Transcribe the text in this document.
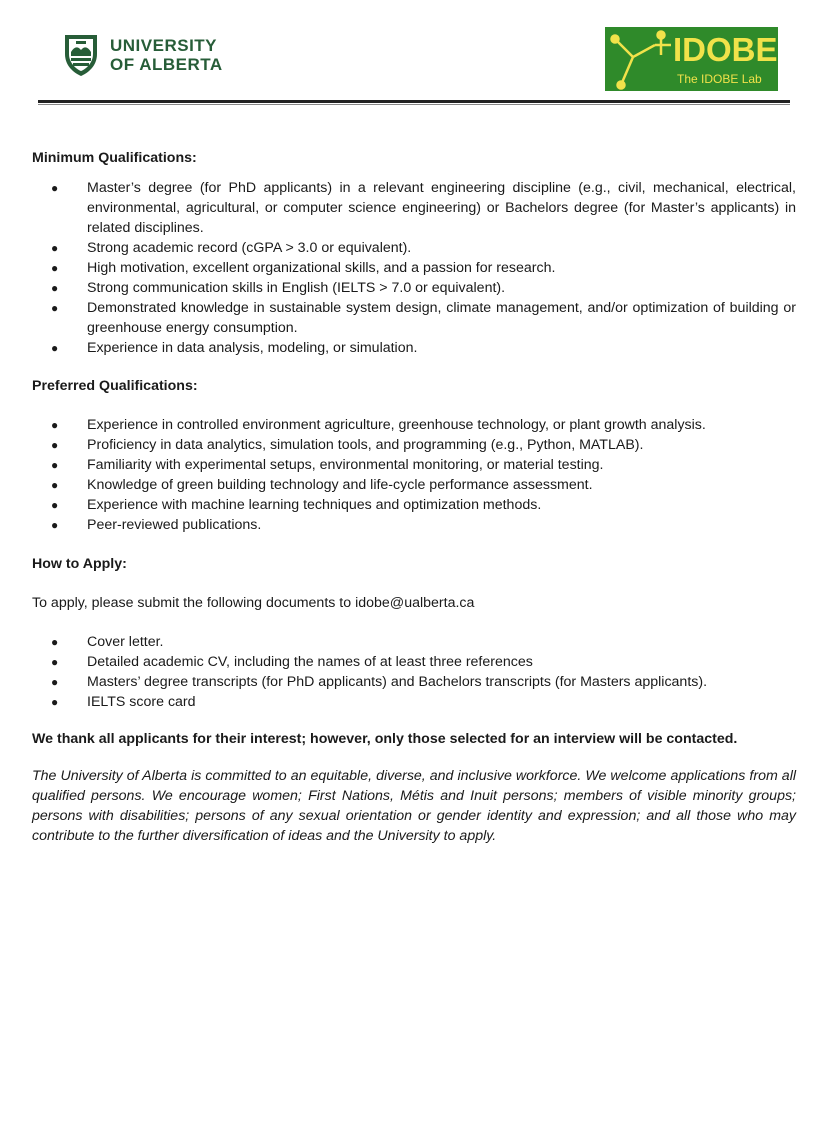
UNIVERSITY
OF ALBERTA	IDOBE
The IDOBE Lab

Minimum Qualifications:

● Master’s degree (for PhD applicants) in a relevant engineering discipline (e.g., civil, mechanical, electrical, environmental, agricultural, or computer science engineering) or Bachelors degree (for Master’s applicants) in related disciplines.
● Strong academic record (cGPA > 3.0 or equivalent).
● High motivation, excellent organizational skills, and a passion for research.
● Strong communication skills in English (IELTS > 7.0 or equivalent).
● Demonstrated knowledge in sustainable system design, climate management, and/or optimization of building or greenhouse energy consumption.
● Experience in data analysis, modeling, or simulation.

Preferred Qualifications:

● Experience in controlled environment agriculture, greenhouse technology, or plant growth analysis.
● Proficiency in data analytics, simulation tools, and programming (e.g., Python, MATLAB).
● Familiarity with experimental setups, environmental monitoring, or material testing.
● Knowledge of green building technology and life-cycle performance assessment.
● Experience with machine learning techniques and optimization methods.
● Peer-reviewed publications.

How to Apply:

To apply, please submit the following documents to idobe@ualberta.ca

● Cover letter.
● Detailed academic CV, including the names of at least three references
● Masters’ degree transcripts (for PhD applicants) and Bachelors transcripts (for Masters applicants).
● IELTS score card

We thank all applicants for their interest; however, only those selected for an interview will be contacted.

The University of Alberta is committed to an equitable, diverse, and inclusive workforce. We welcome applications from all qualified persons. We encourage women; First Nations, Métis and Inuit persons; members of visible minority groups; persons with disabilities; persons of any sexual orientation or gender identity and expression; and all those who may contribute to the further diversification of ideas and the University to apply.
